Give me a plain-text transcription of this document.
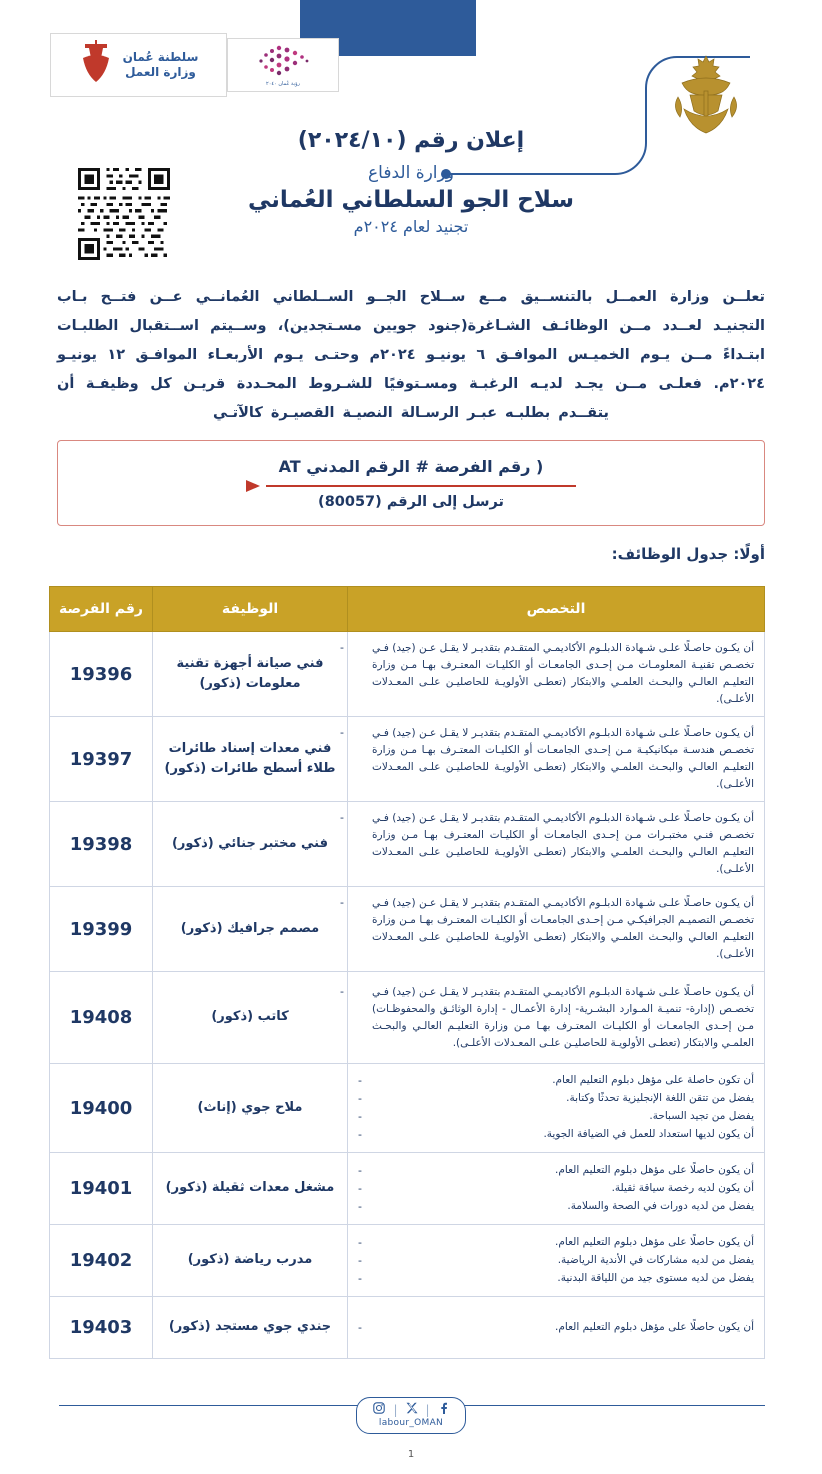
رؤية عُمان ٢٠٤٠
سلطنة عُمان
وزارة العمل
إعلان رقم (٢٠٢٤/١٠)
وزارة الدفاع
سلاح الجو السلطاني العُماني
تجنيد لعام ٢٠٢٤م
تعلــن وزارة العمــل بالتنســيق مــع ســلاح الجــو الســلطاني العُمانــي عــن فتــح بـاب التجنيـد لعــدد مــن الوظائـف الشـاغرة(جنود جويين مسـتجدين)، وســيتم اســتقبال الطلبـات ابتـداءً مــن يـوم الخميـس الموافـق ٦ يونيـو ٢٠٢٤م وحتـى يـوم الأربعـاء الموافـق ١٢ يونيـو ٢٠٢٤م. فعلـى مــن يجـد لديـه الرغبـة ومسـتوفيًا للشـروط المحـددة قريـن كل وظيفـة أن يتقــدم بطلبـه عبـر الرسـالة النصيـة القصيـرة كالآتـي
( رقم الفرصة # الرقم المدني AT
ترسل إلى الرقم (80057)
أولًا: جدول الوظائف:
التخصص	الوظيفة	رقم الفرصة

- أن يكـون حاصـلًا علـى شـهادة الدبلـوم الأكاديمـي المتقـدم بتقديـر لا يقـل عـن (جيد) فـي تخصـص تقنيـة المعلومـات مـن إحـدى الجامعـات أو الكليـات المعتـرف بهـا مـن وزارة التعليـم العالـي والبحـث العلمـي والابتكار (تعطـى الأولويـة للحاصليـن علـى المعـدلات الأعلـى).	فني صيانة أجهزة تقنية معلومات (ذكور)	19396

- أن يكـون حاصـلًا علـى شـهادة الدبلـوم الأكاديمـي المتقـدم بتقديـر لا يقـل عـن (جيد) فـي تخصـص هندسـة ميكانيكيـة مـن إحـدى الجامعـات أو الكليـات المعتـرف بهـا مـن وزارة التعليـم العالـي والبحـث العلمـي والابتكار (تعطـى الأولويـة للحاصليـن علـى المعـدلات الأعلـى).	فني معدات إسناد طائرات طلاء أسطح طائرات (ذكور)	19397

- أن يكـون حاصـلًا علـى شـهادة الدبلـوم الأكاديمـي المتقـدم بتقديـر لا يقـل عـن (جيد) فـي تخصـص فنـي مختبـرات مـن إحـدى الجامعـات أو الكليـات المعتـرف بهـا مـن وزارة التعليـم العالـي والبحـث العلمـي والابتكار (تعطـى الأولويـة للحاصليـن علـى المعـدلات الأعلـى).	فني مختبر جنائي (ذكور)	19398

- أن يكـون حاصـلًا علـى شـهادة الدبلـوم الأكاديمـي المتقـدم بتقديـر لا يقـل عـن (جيد) فـي تخصـص التصميـم الجرافيكـي مـن إحـدى الجامعـات أو الكليـات المعتـرف بهـا مـن وزارة التعليـم العالـي والبحـث العلمـي والابتكار (تعطـى الأولويـة للحاصليـن علـى المعـدلات الأعلـى).	مصمم جرافيك (ذكور)	19399

- أن يكـون حاصـلًا علـى شـهادة الدبلـوم الأكاديمـي المتقـدم بتقديـر لا يقـل عـن (جيد) فـي تخصـص (إدارة- تنميـة المـوارد البشـرية- إدارة الأعمـال - إدارة الوثائـق والمحفوظـات) مـن إحـدى الجامعـات أو الكليـات المعتـرف بهـا مـن وزارة التعليـم العالـي والبحـث العلمـي والابتكار (تعطـى الأولويـة للحاصليـن علـى المعـدلات الأعلـى).	كاتب (ذكور)	19408

أن تكون حاصلة على مؤهل دبلوم التعليم العام. -
يفضل من تتقن اللغة الإنجليزية تحدثًا وكتابة. -
يفضل من تجيد السباحة. -
أن يكون لديها استعداد للعمل في الضيافة الجوية. -
	ملاح جوي (إناث)	19400

أن يكون حاصلًا على مؤهل دبلوم التعليم العام. -
أن يكون لديه رخصة سياقة ثقيلة. -
يفضل من لديه دورات في الصحة والسلامة. -
	مشغل معدات ثقيلة (ذكور)	19401

أن يكون حاصلًا على مؤهل دبلوم التعليم العام. -
يفضل من لديه مشاركات في الأندية الرياضية. -
يفضل من لديه مستوى جيد من اللياقة البدنية. -
	مدرب رياضة (ذكور)	19402

أن يكون حاصلًا على مؤهل دبلوم التعليم العام. -
	جندي جوي مستجد (ذكور)	19403
|
|
labour_OMAN
1
